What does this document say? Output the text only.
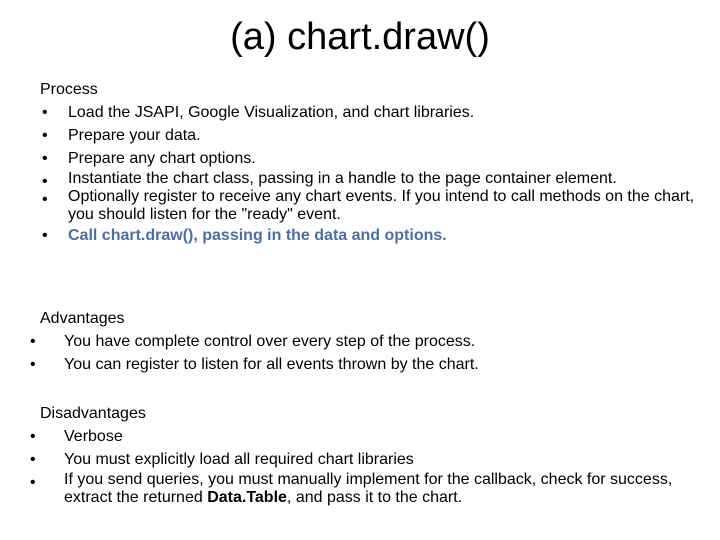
(a) chart.draw()
Process
•	Load the JSAPI, Google Visualization, and chart libraries.
•	Prepare your data.
•	Prepare any chart options.
•	Instantiate the chart class, passing in a handle to the page container element.
•	Optionally register to receive any chart events. If you intend to call methods on the chart, you should listen for the "ready" event.
•	Call chart.draw(), passing in the data and options.
Advantages
•	You have complete control over every step of the process.
•	You can register to listen for all events thrown by the chart.
Disadvantages
•	Verbose
•	You must explicitly load all required chart libraries
•	If you send queries, you must manually implement for the callback, check for success, extract the returned Data.Table, and pass it to the chart.
